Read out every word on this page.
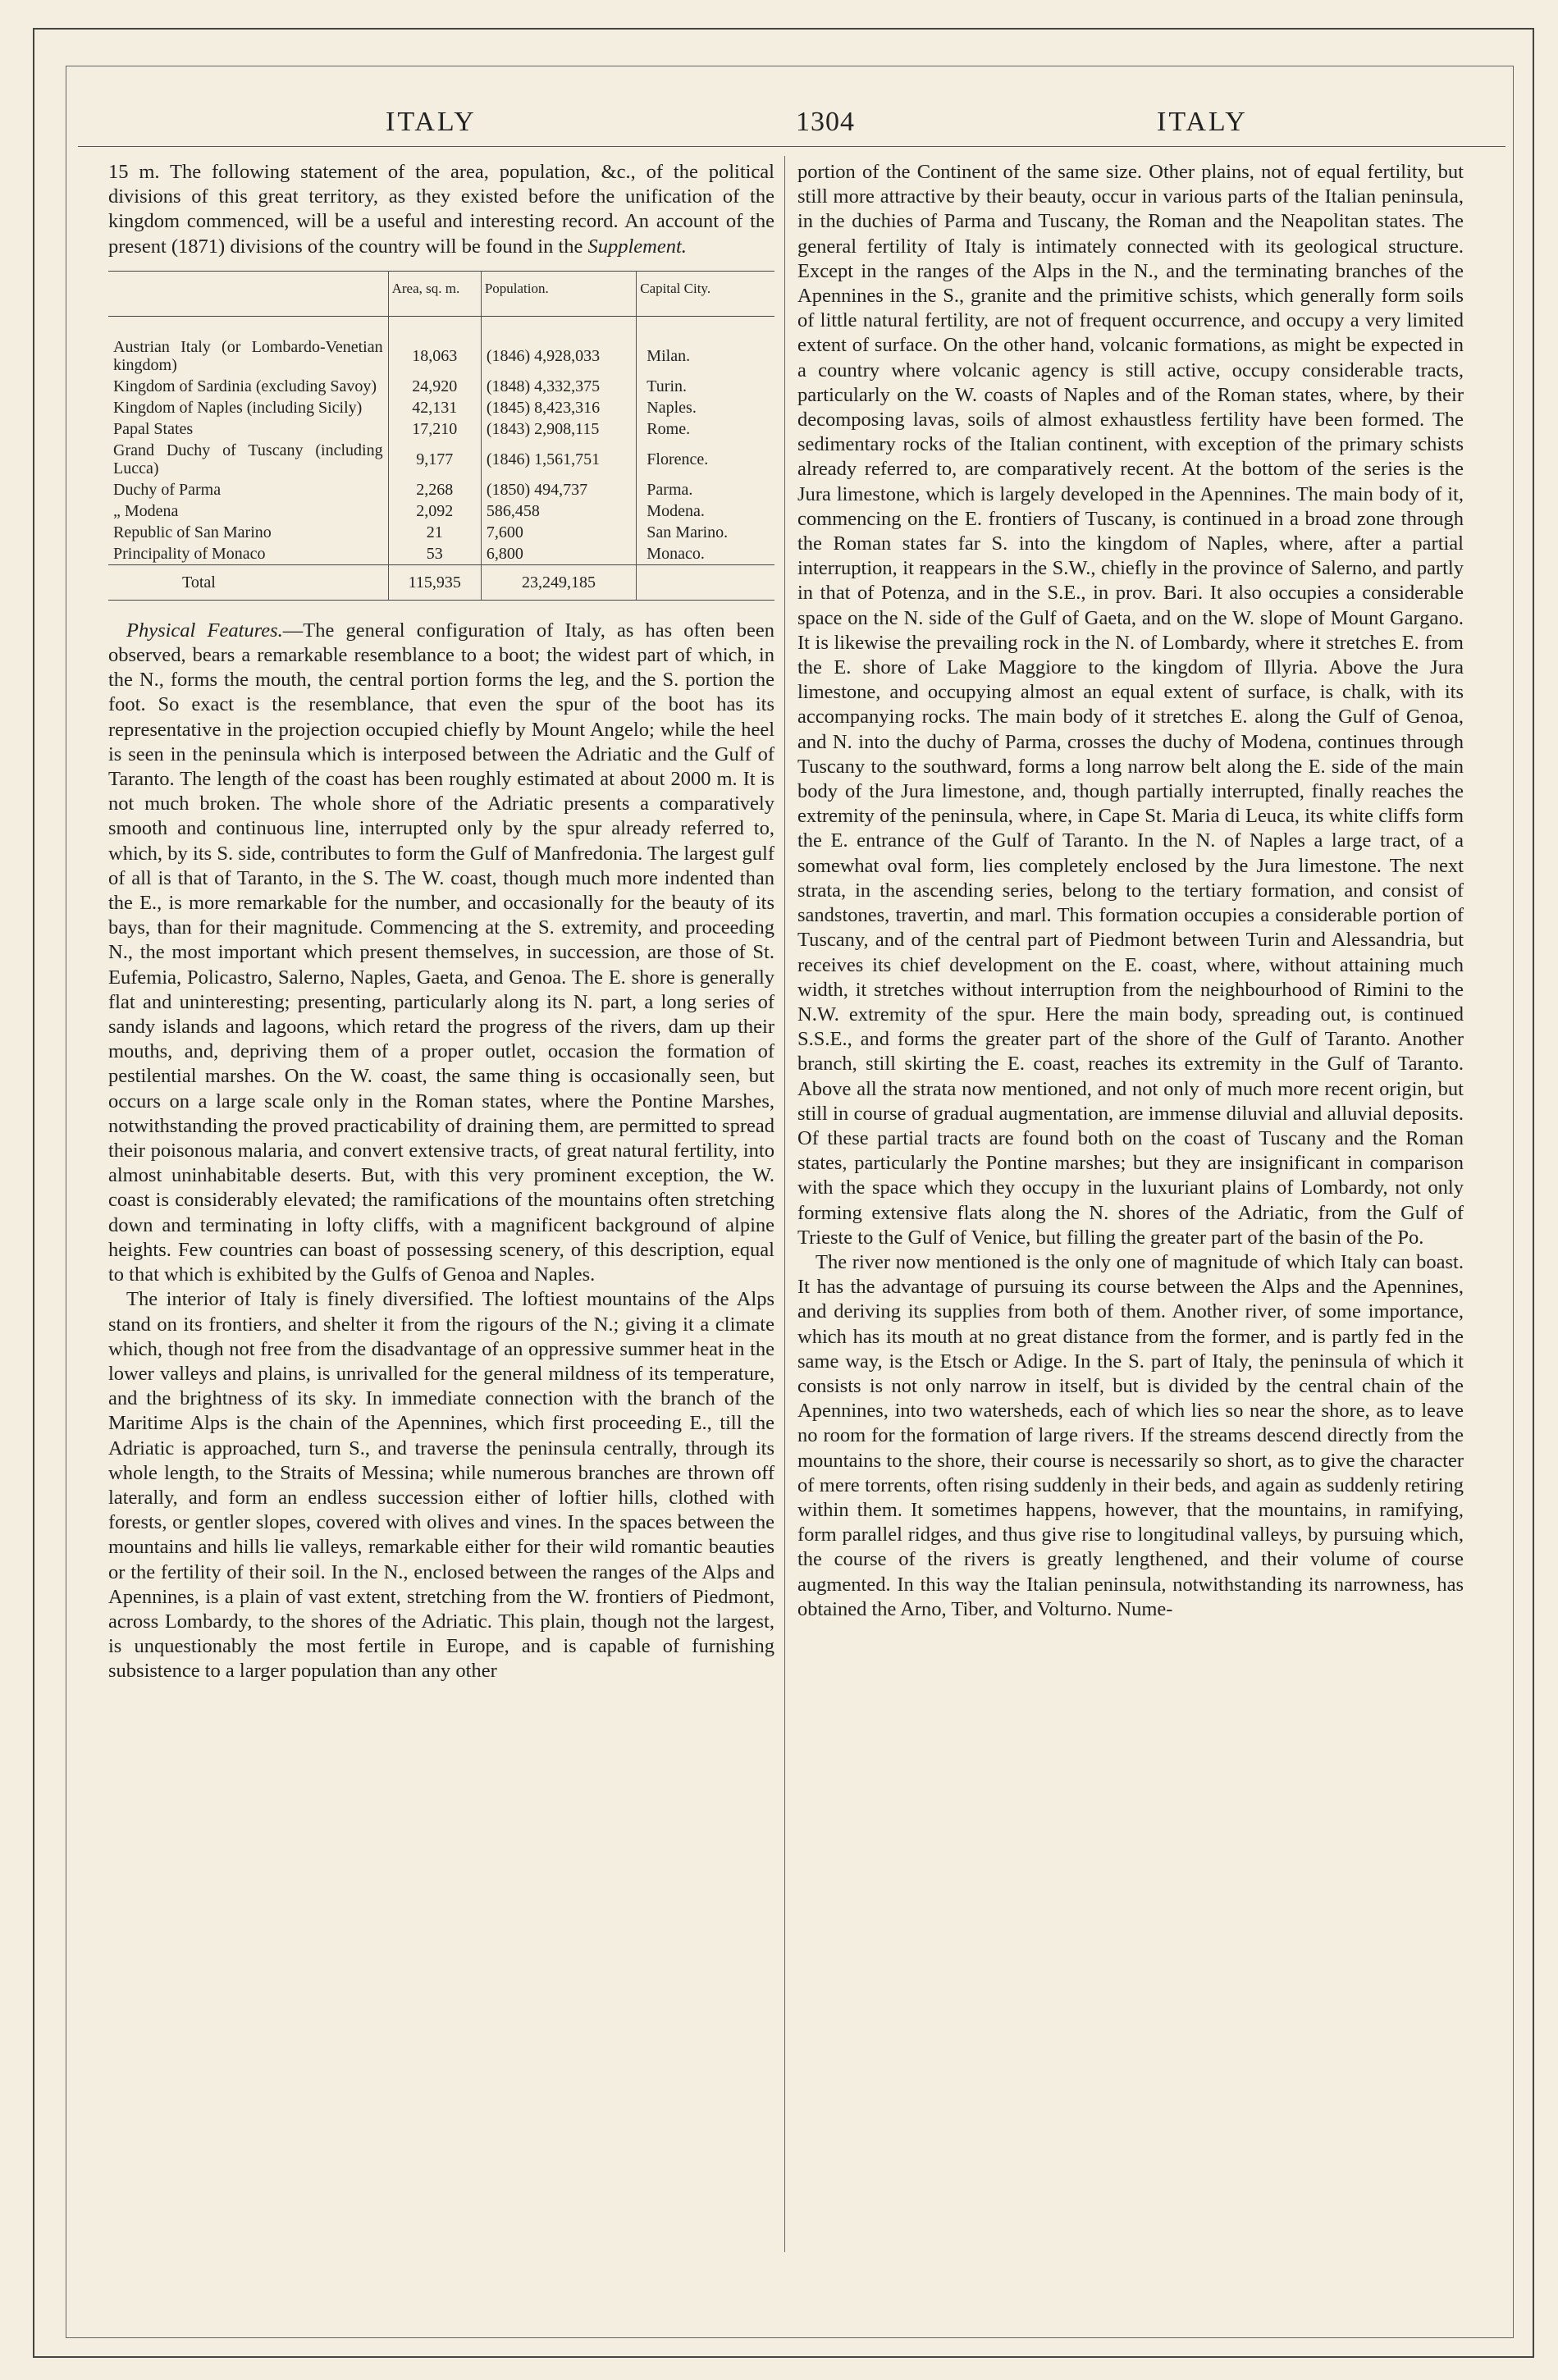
ITALY	1304	ITALY

15 m. The following statement of the area, population, &c., of the political divisions of this great territory, as they existed before the unification of the kingdom commenced, will be a useful and interesting record. An account of the present (1871) divisions of the country will be found in the Supplement.

	Area, sq. m.	Population.	Capital City.
Austrian Italy (or Lombardo-Venetian kingdom)	18,063	(1846) 4,928,033	Milan.
Kingdom of Sardinia (excluding Savoy)	24,920	(1848) 4,332,375	Turin.
Kingdom of Naples (including Sicily)	42,131	(1845) 8,423,316	Naples.
Papal States	17,210	(1843) 2,908,115	Rome.
Grand Duchy of Tuscany (including Lucca)	9,177	(1846) 1,561,751	Florence.
Duchy of Parma	2,268	(1850) 494,737	Parma.
„ Modena	2,092	586,458	Modena.
Republic of San Marino	21	7,600	San Marino.
Principality of Monaco	53	6,800	Monaco.
Total	115,935	23,249,185	

Physical Features.—The general configuration of Italy, as has often been observed, bears a remarkable resemblance to a boot; the widest part of which, in the N., forms the mouth, the central portion forms the leg, and the S. portion the foot. So exact is the resemblance, that even the spur of the boot has its representative in the projection occupied chiefly by Mount Angelo; while the heel is seen in the peninsula which is interposed between the Adriatic and the Gulf of Taranto. The length of the coast has been roughly estimated at about 2000 m. It is not much broken. The whole shore of the Adriatic presents a comparatively smooth and continuous line, interrupted only by the spur already referred to, which, by its S. side, contributes to form the Gulf of Manfredonia. The largest gulf of all is that of Taranto, in the S. The W. coast, though much more indented than the E., is more remarkable for the number, and occasionally for the beauty of its bays, than for their magnitude. Commencing at the S. extremity, and proceeding N., the most important which present themselves, in succession, are those of St. Eufemia, Policastro, Salerno, Naples, Gaeta, and Genoa. The E. shore is generally flat and uninteresting; presenting, particularly along its N. part, a long series of sandy islands and lagoons, which retard the progress of the rivers, dam up their mouths, and, depriving them of a proper outlet, occasion the formation of pestilential marshes. On the W. coast, the same thing is occasionally seen, but occurs on a large scale only in the Roman states, where the Pontine Marshes, notwithstanding the proved practicability of draining them, are permitted to spread their poisonous malaria, and convert extensive tracts, of great natural fertility, into almost uninhabitable deserts. But, with this very prominent exception, the W. coast is considerably elevated; the ramifications of the mountains often stretching down and terminating in lofty cliffs, with a magnificent background of alpine heights. Few countries can boast of possessing scenery, of this description, equal to that which is exhibited by the Gulfs of Genoa and Naples.

The interior of Italy is finely diversified. The loftiest mountains of the Alps stand on its frontiers, and shelter it from the rigours of the N.; giving it a climate which, though not free from the disadvantage of an oppressive summer heat in the lower valleys and plains, is unrivalled for the general mildness of its temperature, and the brightness of its sky. In immediate connection with the branch of the Maritime Alps is the chain of the Apennines, which first proceeding E., till the Adriatic is approached, turn S., and traverse the peninsula centrally, through its whole length, to the Straits of Messina; while numerous branches are thrown off laterally, and form an endless succession either of loftier hills, clothed with forests, or gentler slopes, covered with olives and vines. In the spaces between the mountains and hills lie valleys, remarkable either for their wild romantic beauties or the fertility of their soil. In the N., enclosed between the ranges of the Alps and Apennines, is a plain of vast extent, stretching from the W. frontiers of Piedmont, across Lombardy, to the shores of the Adriatic. This plain, though not the largest, is unquestionably the most fertile in Europe, and is capable of furnishing subsistence to a larger population than any other

portion of the Continent of the same size. Other plains, not of equal fertility, but still more attractive by their beauty, occur in various parts of the Italian peninsula, in the duchies of Parma and Tuscany, the Roman and the Neapolitan states. The general fertility of Italy is intimately connected with its geological structure. Except in the ranges of the Alps in the N., and the terminating branches of the Apennines in the S., granite and the primitive schists, which generally form soils of little natural fertility, are not of frequent occurrence, and occupy a very limited extent of surface. On the other hand, volcanic formations, as might be expected in a country where volcanic agency is still active, occupy considerable tracts, particularly on the W. coasts of Naples and of the Roman states, where, by their decomposing lavas, soils of almost exhaustless fertility have been formed. The sedimentary rocks of the Italian continent, with exception of the primary schists already referred to, are comparatively recent. At the bottom of the series is the Jura limestone, which is largely developed in the Apennines. The main body of it, commencing on the E. frontiers of Tuscany, is continued in a broad zone through the Roman states far S. into the kingdom of Naples, where, after a partial interruption, it reappears in the S.W., chiefly in the province of Salerno, and partly in that of Potenza, and in the S.E., in prov. Bari. It also occupies a considerable space on the N. side of the Gulf of Gaeta, and on the W. slope of Mount Gargano. It is likewise the prevailing rock in the N. of Lombardy, where it stretches E. from the E. shore of Lake Maggiore to the kingdom of Illyria. Above the Jura limestone, and occupying almost an equal extent of surface, is chalk, with its accompanying rocks. The main body of it stretches E. along the Gulf of Genoa, and N. into the duchy of Parma, crosses the duchy of Modena, continues through Tuscany to the southward, forms a long narrow belt along the E. side of the main body of the Jura limestone, and, though partially interrupted, finally reaches the extremity of the peninsula, where, in Cape St. Maria di Leuca, its white cliffs form the E. entrance of the Gulf of Taranto. In the N. of Naples a large tract, of a somewhat oval form, lies completely enclosed by the Jura limestone. The next strata, in the ascending series, belong to the tertiary formation, and consist of sandstones, travertin, and marl. This formation occupies a considerable portion of Tuscany, and of the central part of Piedmont between Turin and Alessandria, but receives its chief development on the E. coast, where, without attaining much width, it stretches without interruption from the neighbourhood of Rimini to the N.W. extremity of the spur. Here the main body, spreading out, is continued S.S.E., and forms the greater part of the shore of the Gulf of Taranto. Another branch, still skirting the E. coast, reaches its extremity in the Gulf of Taranto. Above all the strata now mentioned, and not only of much more recent origin, but still in course of gradual augmentation, are immense diluvial and alluvial deposits. Of these partial tracts are found both on the coast of Tuscany and the Roman states, particularly the Pontine marshes; but they are insignificant in comparison with the space which they occupy in the luxuriant plains of Lombardy, not only forming extensive flats along the N. shores of the Adriatic, from the Gulf of Trieste to the Gulf of Venice, but filling the greater part of the basin of the Po.

The river now mentioned is the only one of magnitude of which Italy can boast. It has the advantage of pursuing its course between the Alps and the Apennines, and deriving its supplies from both of them. Another river, of some importance, which has its mouth at no great distance from the former, and is partly fed in the same way, is the Etsch or Adige. In the S. part of Italy, the peninsula of which it consists is not only narrow in itself, but is divided by the central chain of the Apennines, into two watersheds, each of which lies so near the shore, as to leave no room for the formation of large rivers. If the streams descend directly from the mountains to the shore, their course is necessarily so short, as to give the character of mere torrents, often rising suddenly in their beds, and again as suddenly retiring within them. It sometimes happens, however, that the mountains, in ramifying, form parallel ridges, and thus give rise to longitudinal valleys, by pursuing which, the course of the rivers is greatly lengthened, and their volume of course augmented. In this way the Italian peninsula, notwithstanding its narrowness, has obtained the Arno, Tiber, and Volturno. Nume-
